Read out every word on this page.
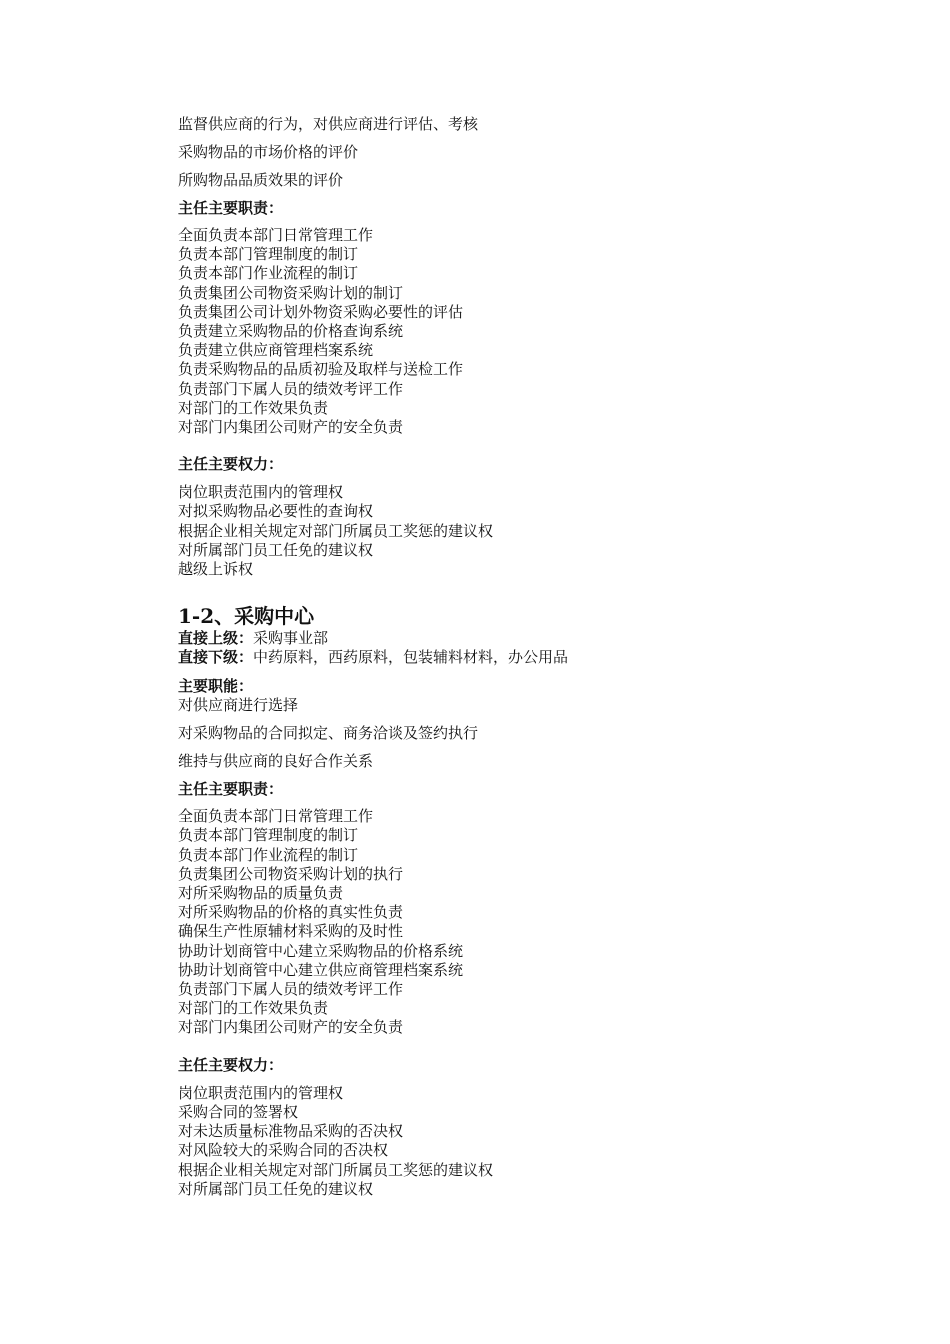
监督供应商的行为，对供应商进行评估、考核

采购物品的市场价格的评价

所购物品品质效果的评价

主任主要职责：

全面负责本部门日常管理工作
负责本部门管理制度的制订
负责本部门作业流程的制订
负责集团公司物资采购计划的制订
负责集团公司计划外物资采购必要性的评估
负责建立采购物品的价格查询系统
负责建立供应商管理档案系统
负责采购物品的品质初验及取样与送检工作
负责部门下属人员的绩效考评工作
对部门的工作效果负责
对部门内集团公司财产的安全负责

主任主要权力：

岗位职责范围内的管理权
对拟采购物品必要性的查询权
根据企业相关规定对部门所属员工奖惩的建议权
对所属部门员工任免的建议权
越级上诉权

1-2、采购中心

直接上级：采购事业部

直接下级：中药原料，西药原料，包装辅料材料，办公用品

主要职能：

对供应商进行选择

对采购物品的合同拟定、商务洽谈及签约执行

维持与供应商的良好合作关系

主任主要职责：

全面负责本部门日常管理工作
负责本部门管理制度的制订
负责本部门作业流程的制订
负责集团公司物资采购计划的执行
对所采购物品的质量负责
对所采购物品的价格的真实性负责
确保生产性原辅材料采购的及时性
协助计划商管中心建立采购物品的价格系统
协助计划商管中心建立供应商管理档案系统
负责部门下属人员的绩效考评工作
对部门的工作效果负责
对部门内集团公司财产的安全负责

主任主要权力：

岗位职责范围内的管理权
采购合同的签署权
对未达质量标准物品采购的否决权
对风险较大的采购合同的否决权
根据企业相关规定对部门所属员工奖惩的建议权
对所属部门员工任免的建议权
